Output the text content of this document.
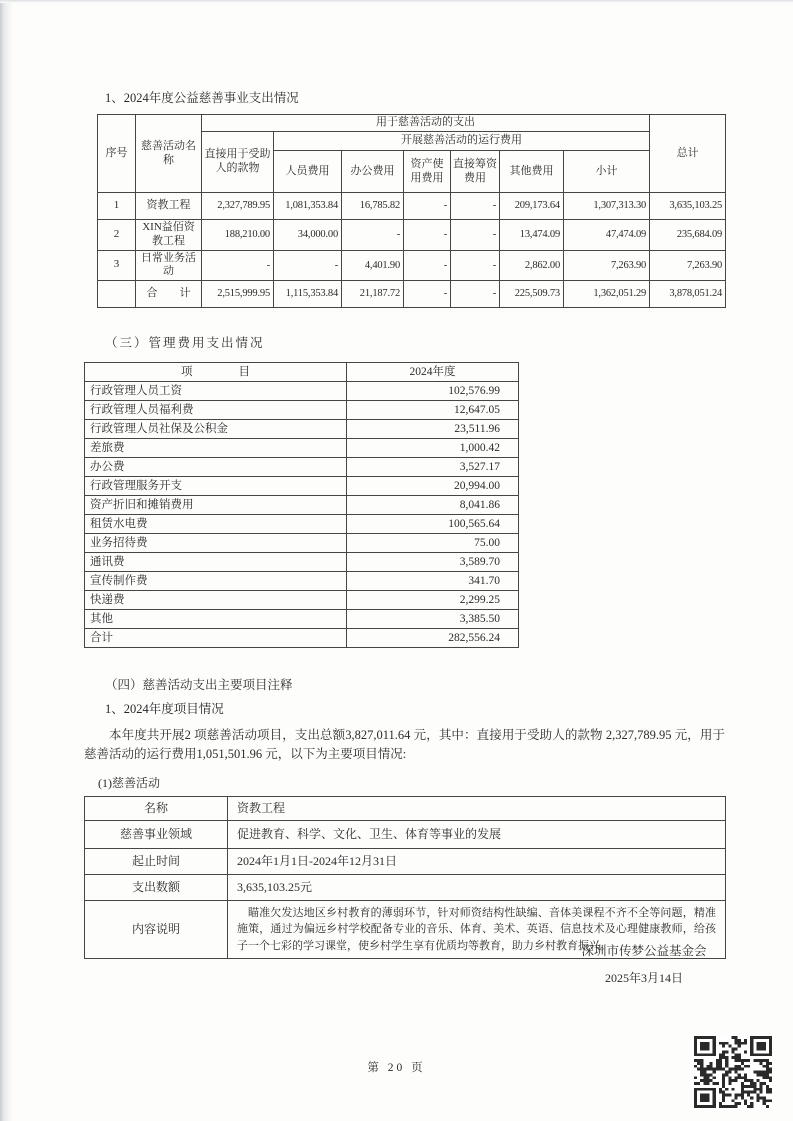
1、2024年度公益慈善事业支出情况
序号	慈善活动名称	用于慈善活动的支出							总计
		直接用于受助人的款物	开展慈善活动的运行费用						
			人员费用	办公费用	资产使用费用	直接筹资费用	其他费用	小计	
1	资教工程	2,327,789.95	1,081,353.84	16,785.82	-	-	209,173.64	1,307,313.30	3,635,103.25
2	XIN益佰资教工程	188,210.00	34,000.00	-	-	-	13,474.09	47,474.09	235,684.09
3	日常业务活动	-	-	4,401.90	-	-	2,862.00	7,263.90	7,263.90
	合　　计	2,515,999.95	1,115,353.84	21,187.72	-	-	225,509.73	1,362,051.29	3,878,051.24
（三）管理费用支出情况
项　　　　目	2024年度
行政管理人员工资	102,576.99
行政管理人员福利费	12,647.05
行政管理人员社保及公积金	23,511.96
差旅费	1,000.42
办公费	3,527.17
行政管理服务开支	20,994.00
资产折旧和摊销费用	8,041.86
租赁水电费	100,565.64
业务招待费	75.00
通讯费	3,589.70
宣传制作费	341.70
快递费	2,299.25
其他	3,385.50
合计	282,556.24
（四）慈善活动支出主要项目注释
1、2024年度项目情况
本年度共开展2 项慈善活动项目，支出总额3,827,011.64 元，其中：直接用于受助人的款物 2,327,789.95 元，用于慈善活动的运行费用1,051,501.96 元，以下为主要项目情况:
(1)慈善活动
名称	资教工程
慈善事业领域	促进教育、科学、文化、卫生、体育等事业的发展
起止时间	2024年1月1日-2024年12月31日
支出数额	3,635,103.25元
内容说明	瞄准欠发达地区乡村教育的薄弱环节，针对师资结构性缺编、音体美课程不齐不全等问题，精准施策，通过为偏远乡村学校配备专业的音乐、体育、美术、英语、信息技术及心理健康教师，给孩子一个七彩的学习课堂，使乡村学生享有优质均等教育，助力乡村教育振兴。
深圳市传梦公益基金会
2025年3月14日
第 20 页
